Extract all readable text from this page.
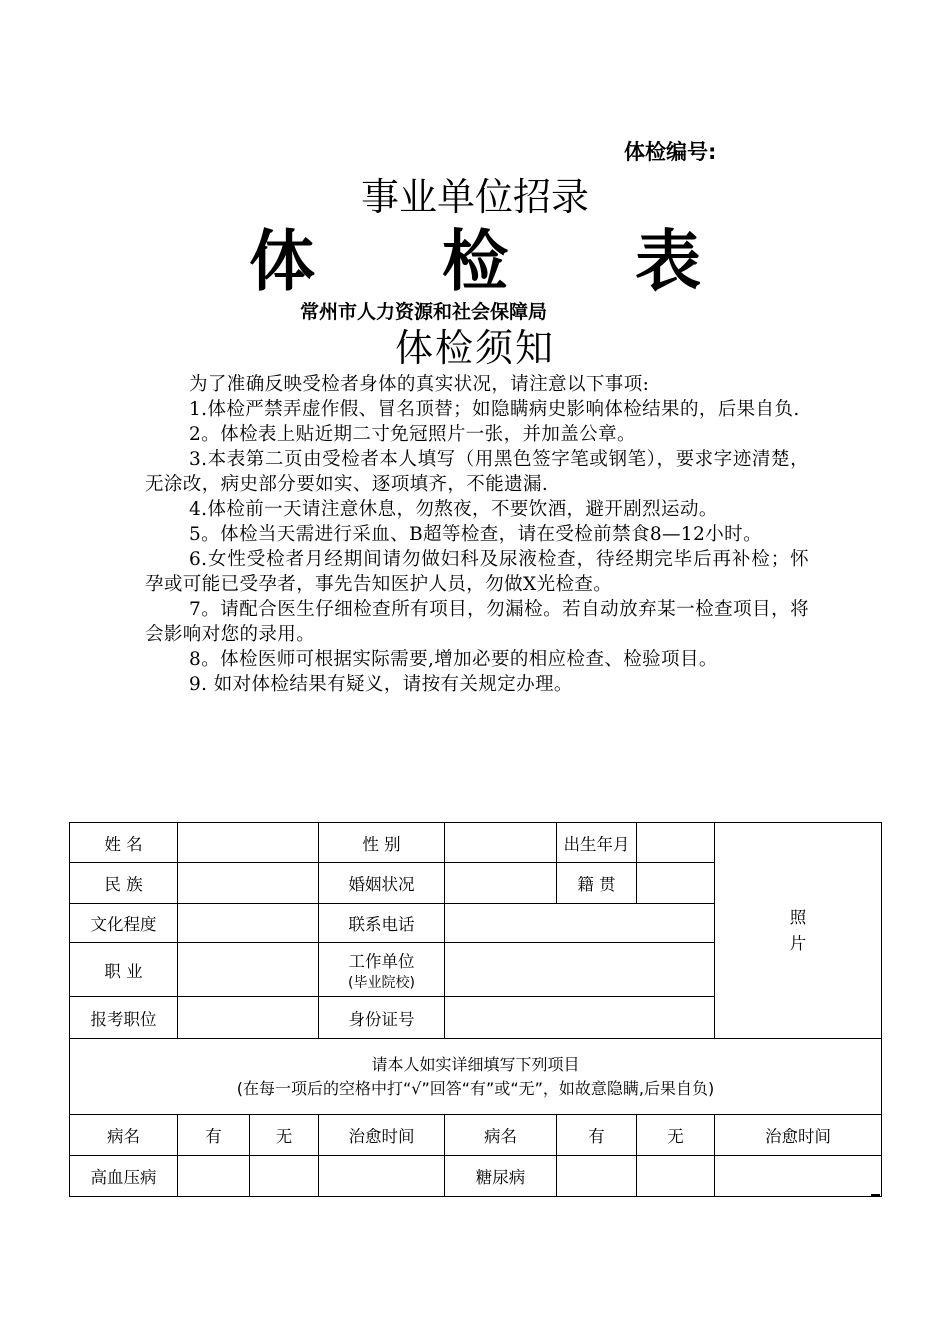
体检编号:
事业单位招录
体 检 表
常州市人力资源和社会保障局
体检须知

为了准确反映受检者身体的真实状况，请注意以下事项:

1.体检严禁弄虚作假、冒名顶替；如隐瞒病史影响体检结果的，后果自负.

2。体检表上贴近期二寸免冠照片一张，并加盖公章。

3.本表第二页由受检者本人填写（用黑色签字笔或钢笔），要求字迹清楚，无涂改，病史部分要如实、逐项填齐，不能遗漏.

4.体检前一天请注意休息，勿熬夜，不要饮酒，避开剧烈运动。

5。体检当天需进行采血、B超等检查，请在受检前禁食8—12小时。

6.女性受检者月经期间请勿做妇科及尿液检查，待经期完毕后再补检；怀孕或可能已受孕者，事先告知医护人员，勿做X光检查。

7。请配合医生仔细检查所有项目，勿漏检。若自动放弃某一检查项目，将会影响对您的录用。

8。体检医师可根据实际需要,增加必要的相应检查、检验项目。

9. 如对体检结果有疑义，请按有关规定办理。

姓 名			性 别		出生年月		照
片
民 族			婚姻状况		籍 贯		
文化程度			联系电话				
职 业			工作单位
(毕业院校)				

报考职位			身份证号				

请本人如实详细填写下列项目
(在每一项后的空格中打“√”回答“有”或“无”，如故意隐瞒,后果自负)							

病名	有	无	治愈时间	病名	有	无	治愈时间
高血压病				糖尿病			
